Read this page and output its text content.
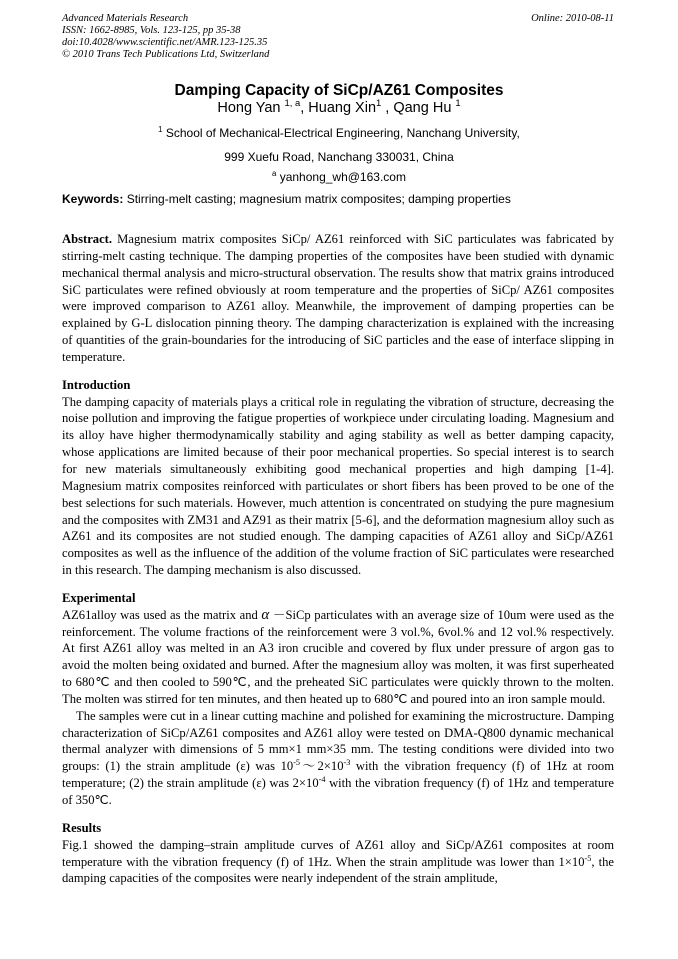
Advanced Materials Research
ISSN: 1662-8985, Vols. 123-125, pp 35-38
doi:10.4028/www.scientific.net/AMR.123-125.35
© 2010 Trans Tech Publications Ltd, Switzerland
Online: 2010-08-11
Damping Capacity of SiCp/AZ61 Composites
Hong Yan $^{1, a}$, Huang Xin$^1$ , Qang Hu $^1$
$^1$ School of Mechanical-Electrical Engineering, Nanchang University,
999 Xuefu Road, Nanchang 330031, China
$^a$ yanhong_wh@163.com
Keywords: Stirring-melt casting; magnesium matrix composites; damping properties

Abstract. Magnesium matrix composites SiCp/ AZ61 reinforced with SiC particulates was fabricated by stirring-melt casting technique. The damping properties of the composites have been studied with dynamic mechanical thermal analysis and micro-structural observation. The results show that matrix grains introduced SiC particulates were refined obviously at room temperature and the properties of SiCp/ AZ61 composites were improved comparison to AZ61 alloy. Meanwhile, the improvement of damping properties can be explained by G-L dislocation pinning theory. The damping characterization is explained with the increasing of quantities of the grain-boundaries for the introducing of SiC particles and the ease of interface slipping in temperature.

Introduction

The damping capacity of materials plays a critical role in regulating the vibration of structure, decreasing the noise pollution and improving the fatigue properties of workpiece under circulating loading. Magnesium and its alloy have higher thermodynamically stability and aging stability as well as better damping capacity, whose applications are limited because of their poor mechanical properties. So special interest is to search for new materials simultaneously exhibiting good mechanical properties and high damping [1-4]. Magnesium matrix composites reinforced with particulates or short fibers has been proved to be one of the best selections for such materials. However, much attention is concentrated on studying the pure magnesium and the composites with ZM31 and AZ91 as their matrix [5-6], and the deformation magnesium alloy such as AZ61 and its composites are not studied enough. The damping capacities of AZ61 alloy and SiCp/AZ61 composites as well as the influence of the addition of the volume fraction of SiC particulates were researched in this research. The damping mechanism is also discussed.

Experimental

AZ61alloy was used as the matrix and α －SiCp particulates with an average size of 10um were used as the reinforcement. The volume fractions of the reinforcement were 3 vol.%, 6vol.% and 12 vol.% respectively. At first AZ61 alloy was melted in an A3 iron crucible and covered by flux under pressure of argon gas to avoid the molten being oxidated and burned. After the magnesium alloy was molten, it was first superheated to 680℃ and then cooled to 590℃, and the preheated SiC particulates were quickly thrown to the molten. The molten was stirred for ten minutes, and then heated up to 680℃ and poured into an iron sample mould.

The samples were cut in a linear cutting machine and polished for examining the microstructure. Damping characterization of SiCp/AZ61 composites and AZ61 alloy were tested on DMA-Q800 dynamic mechanical thermal analyzer with dimensions of 5 mm×1 mm×35 mm. The testing conditions were divided into two groups: (1) the strain amplitude (ε) was $10^{-5}\sim 2\times 10^{-3}$ with the vibration frequency (f) of 1Hz at room temperature; (2) the strain amplitude (ε) was $2\times 10^{-4}$ with the vibration frequency (f) of 1Hz and temperature of 350℃.

Results

Fig.1 showed the damping–strain amplitude curves of AZ61 alloy and SiCp/AZ61 composites at room temperature with the vibration frequency (f) of 1Hz. When the strain amplitude was lower than $1\times 10^{-5}$, the damping capacities of the composites were nearly independent of the strain amplitude,
